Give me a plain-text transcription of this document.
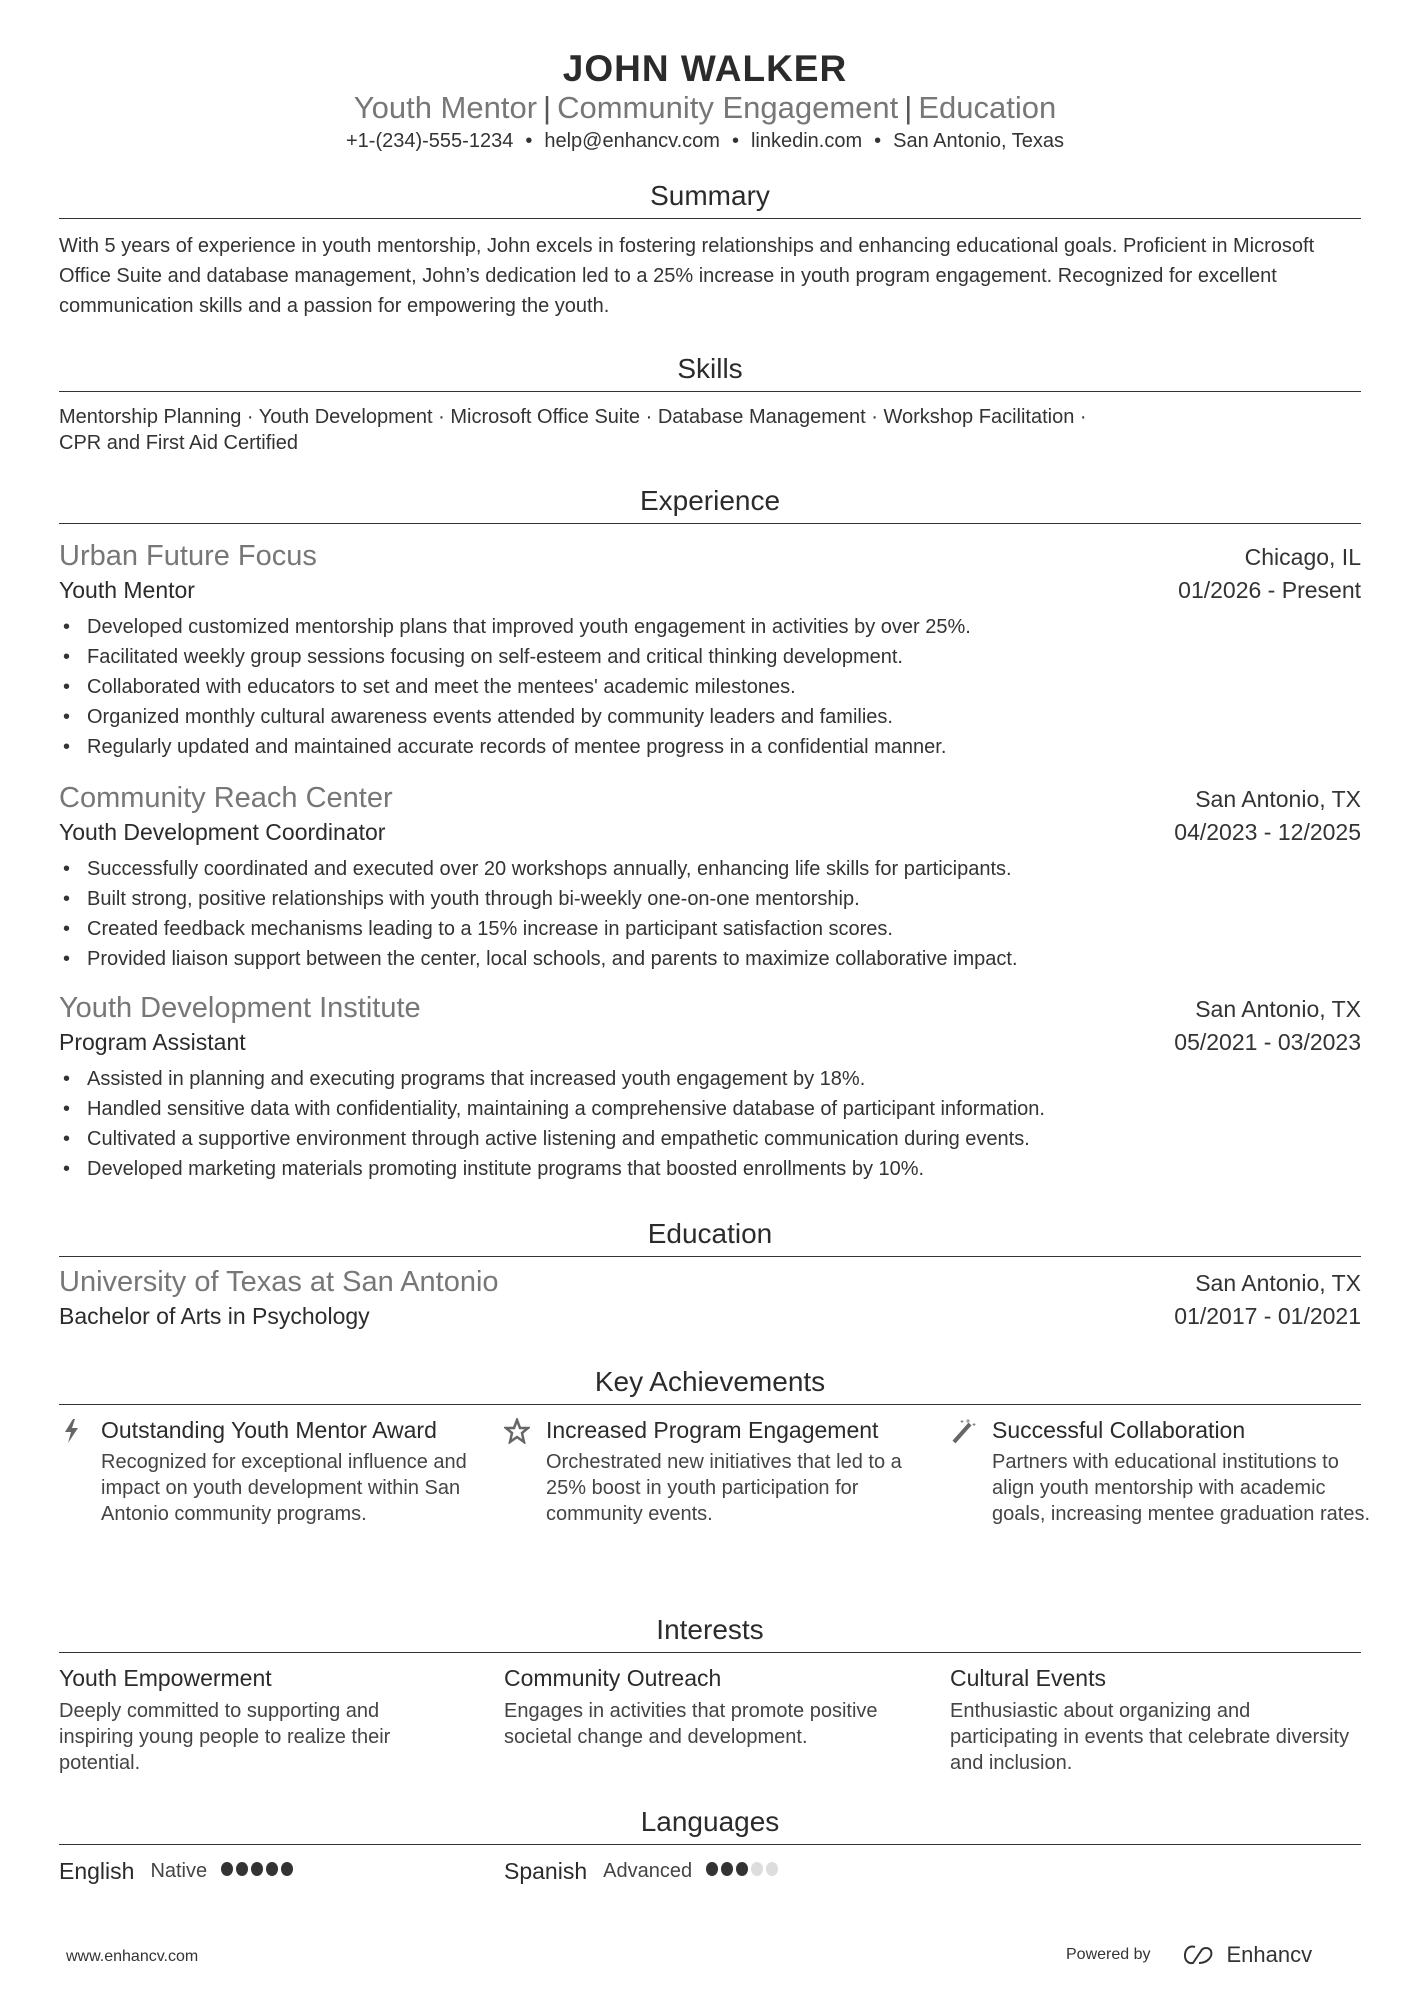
JOHN WALKER
Youth Mentor | Community Engagement | Education
+1-(234)-555-1234 • help@enhancv.com • linkedin.com • San Antonio, Texas
Summary
With 5 years of experience in youth mentorship, John excels in fostering relationships and enhancing educational goals. Proficient in Microsoft Office Suite and database management, John’s dedication led to a 25% increase in youth program engagement. Recognized for excellent communication skills and a passion for empowering the youth.
Skills
Mentorship Planning · Youth Development · Microsoft Office Suite · Database Management · Workshop Facilitation ·
CPR and First Aid Certified
Experience
Urban Future Focus	Chicago, IL
Youth Mentor	01/2026 - Present
• Developed customized mentorship plans that improved youth engagement in activities by over 25%.
• Facilitated weekly group sessions focusing on self-esteem and critical thinking development.
• Collaborated with educators to set and meet the mentees' academic milestones.
• Organized monthly cultural awareness events attended by community leaders and families.
• Regularly updated and maintained accurate records of mentee progress in a confidential manner.
Community Reach Center	San Antonio, TX
Youth Development Coordinator	04/2023 - 12/2025
• Successfully coordinated and executed over 20 workshops annually, enhancing life skills for participants.
• Built strong, positive relationships with youth through bi-weekly one-on-one mentorship.
• Created feedback mechanisms leading to a 15% increase in participant satisfaction scores.
• Provided liaison support between the center, local schools, and parents to maximize collaborative impact.
Youth Development Institute	San Antonio, TX
Program Assistant	05/2021 - 03/2023
• Assisted in planning and executing programs that increased youth engagement by 18%.
• Handled sensitive data with confidentiality, maintaining a comprehensive database of participant information.
• Cultivated a supportive environment through active listening and empathetic communication during events.
• Developed marketing materials promoting institute programs that boosted enrollments by 10%.
Education
University of Texas at San Antonio	San Antonio, TX
Bachelor of Arts in Psychology	01/2017 - 01/2021
Key Achievements
Outstanding Youth Mentor Award
Recognized for exceptional influence and impact on youth development within San Antonio community programs.
Increased Program Engagement
Orchestrated new initiatives that led to a 25% boost in youth participation for community events.
Successful Collaboration
Partners with educational institutions to align youth mentorship with academic goals, increasing mentee graduation rates.
Interests
Youth Empowerment
Deeply committed to supporting and inspiring young people to realize their potential.
Community Outreach
Engages in activities that promote positive societal change and development.
Cultural Events
Enthusiastic about organizing and participating in events that celebrate diversity and inclusion.
Languages
English Native	Spanish Advanced
www.enhancv.com	Powered by	Enhancv
